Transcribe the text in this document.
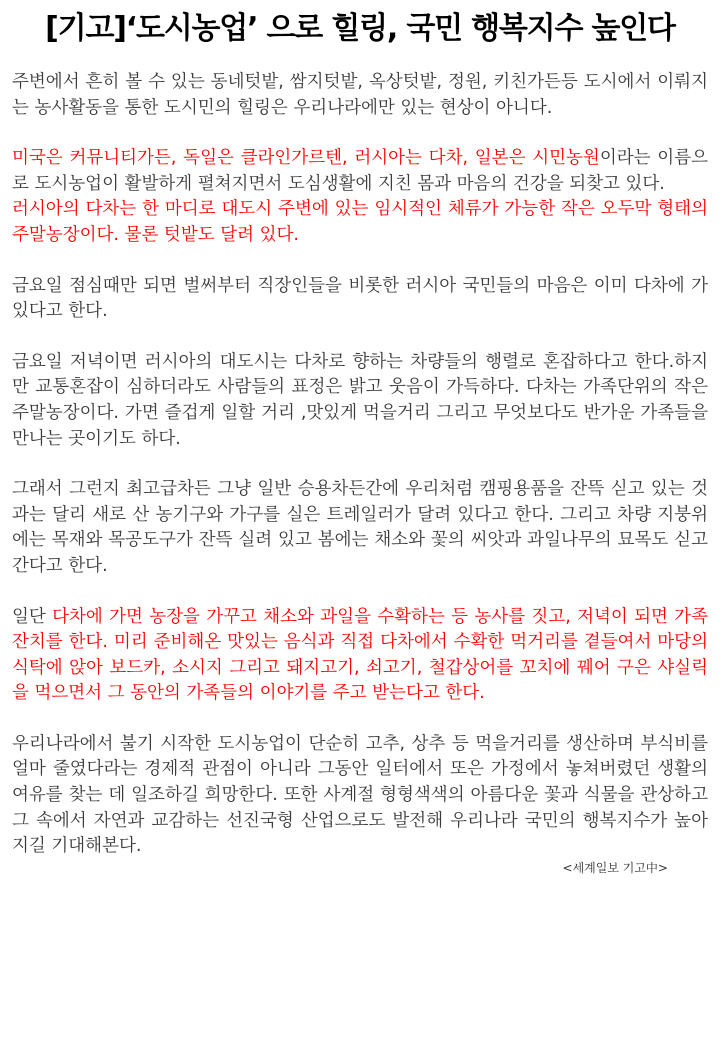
[기고]‘도시농업’ 으로 힐링, 국민 행복지수 높인다

주변에서 흔히 볼 수 있는 동네텃밭, 쌈지텃밭, 옥상텃밭, 정원, 키친가든등 도시에서 이뤄지는 농사활동을 통한 도시민의 힐링은 우리나라에만 있는 현상이 아니다.

미국은 커뮤니티가든, 독일은 클라인가르텐, 러시아는 다차, 일본은 시민농원이라는 이름으로 도시농업이 활발하게 펼쳐지면서 도심생활에 지친 몸과 마음의 건강을 되찾고 있다.

러시아의 다차는 한 마디로 대도시 주변에 있는 임시적인 체류가 가능한 작은 오두막 형태의 주말농장이다. 물론 텃밭도 달려 있다.

금요일 점심때만 되면 벌써부터 직장인들을 비롯한 러시아 국민들의 마음은 이미 다차에 가있다고 한다.

금요일 저녁이면 러시아의 대도시는 다차로 향하는 차량들의 행렬로 혼잡하다고 한다.하지만 교통혼잡이 심하더라도 사람들의 표정은 밝고 웃음이 가득하다. 다차는 가족단위의 작은 주말농장이다. 가면 즐겁게 일할 거리 ,맛있게 먹을거리 그리고 무엇보다도 반가운 가족들을 만나는 곳이기도 하다.

그래서 그런지 최고급차든 그냥 일반 승용차든간에 우리처럼 캠핑용품을 잔뜩 싣고 있는 것과는 달리 새로 산 농기구와 가구를 실은 트레일러가 달려 있다고 한다. 그리고 차량 지붕위에는 목재와 목공도구가 잔뜩 실려 있고 봄에는 채소와 꽃의 씨앗과 과일나무의 묘목도 싣고 간다고 한다.

일단 다차에 가면 농장을 가꾸고 채소와 과일을 수확하는 등 농사를 짓고, 저녁이 되면 가족 잔치를 한다. 미리 준비해온 맛있는 음식과 직접 다차에서 수확한 먹거리를 곁들여서 마당의 식탁에 앉아 보드카, 소시지 그리고 돼지고기, 쇠고기, 철갑상어를 꼬치에 꿰어 구은 샤실릭을 먹으면서 그 동안의 가족들의 이야기를 주고 받는다고 한다.

우리나라에서 불기 시작한 도시농업이 단순히 고추, 상추 등 먹을거리를 생산하며 부식비를 얼마 줄였다라는 경제적 관점이 아니라 그동안 일터에서 또은 가정에서 놓쳐버렸던 생활의 여유를 찾는 데 일조하길 희망한다. 또한 사계절 형형색색의 아름다운 꽃과 식물을 관상하고 그 속에서 자연과 교감하는 선진국형 산업으로도 발전해 우리나라 국민의 행복지수가 높아지길 기대해본다.

<세계일보 기고中>
